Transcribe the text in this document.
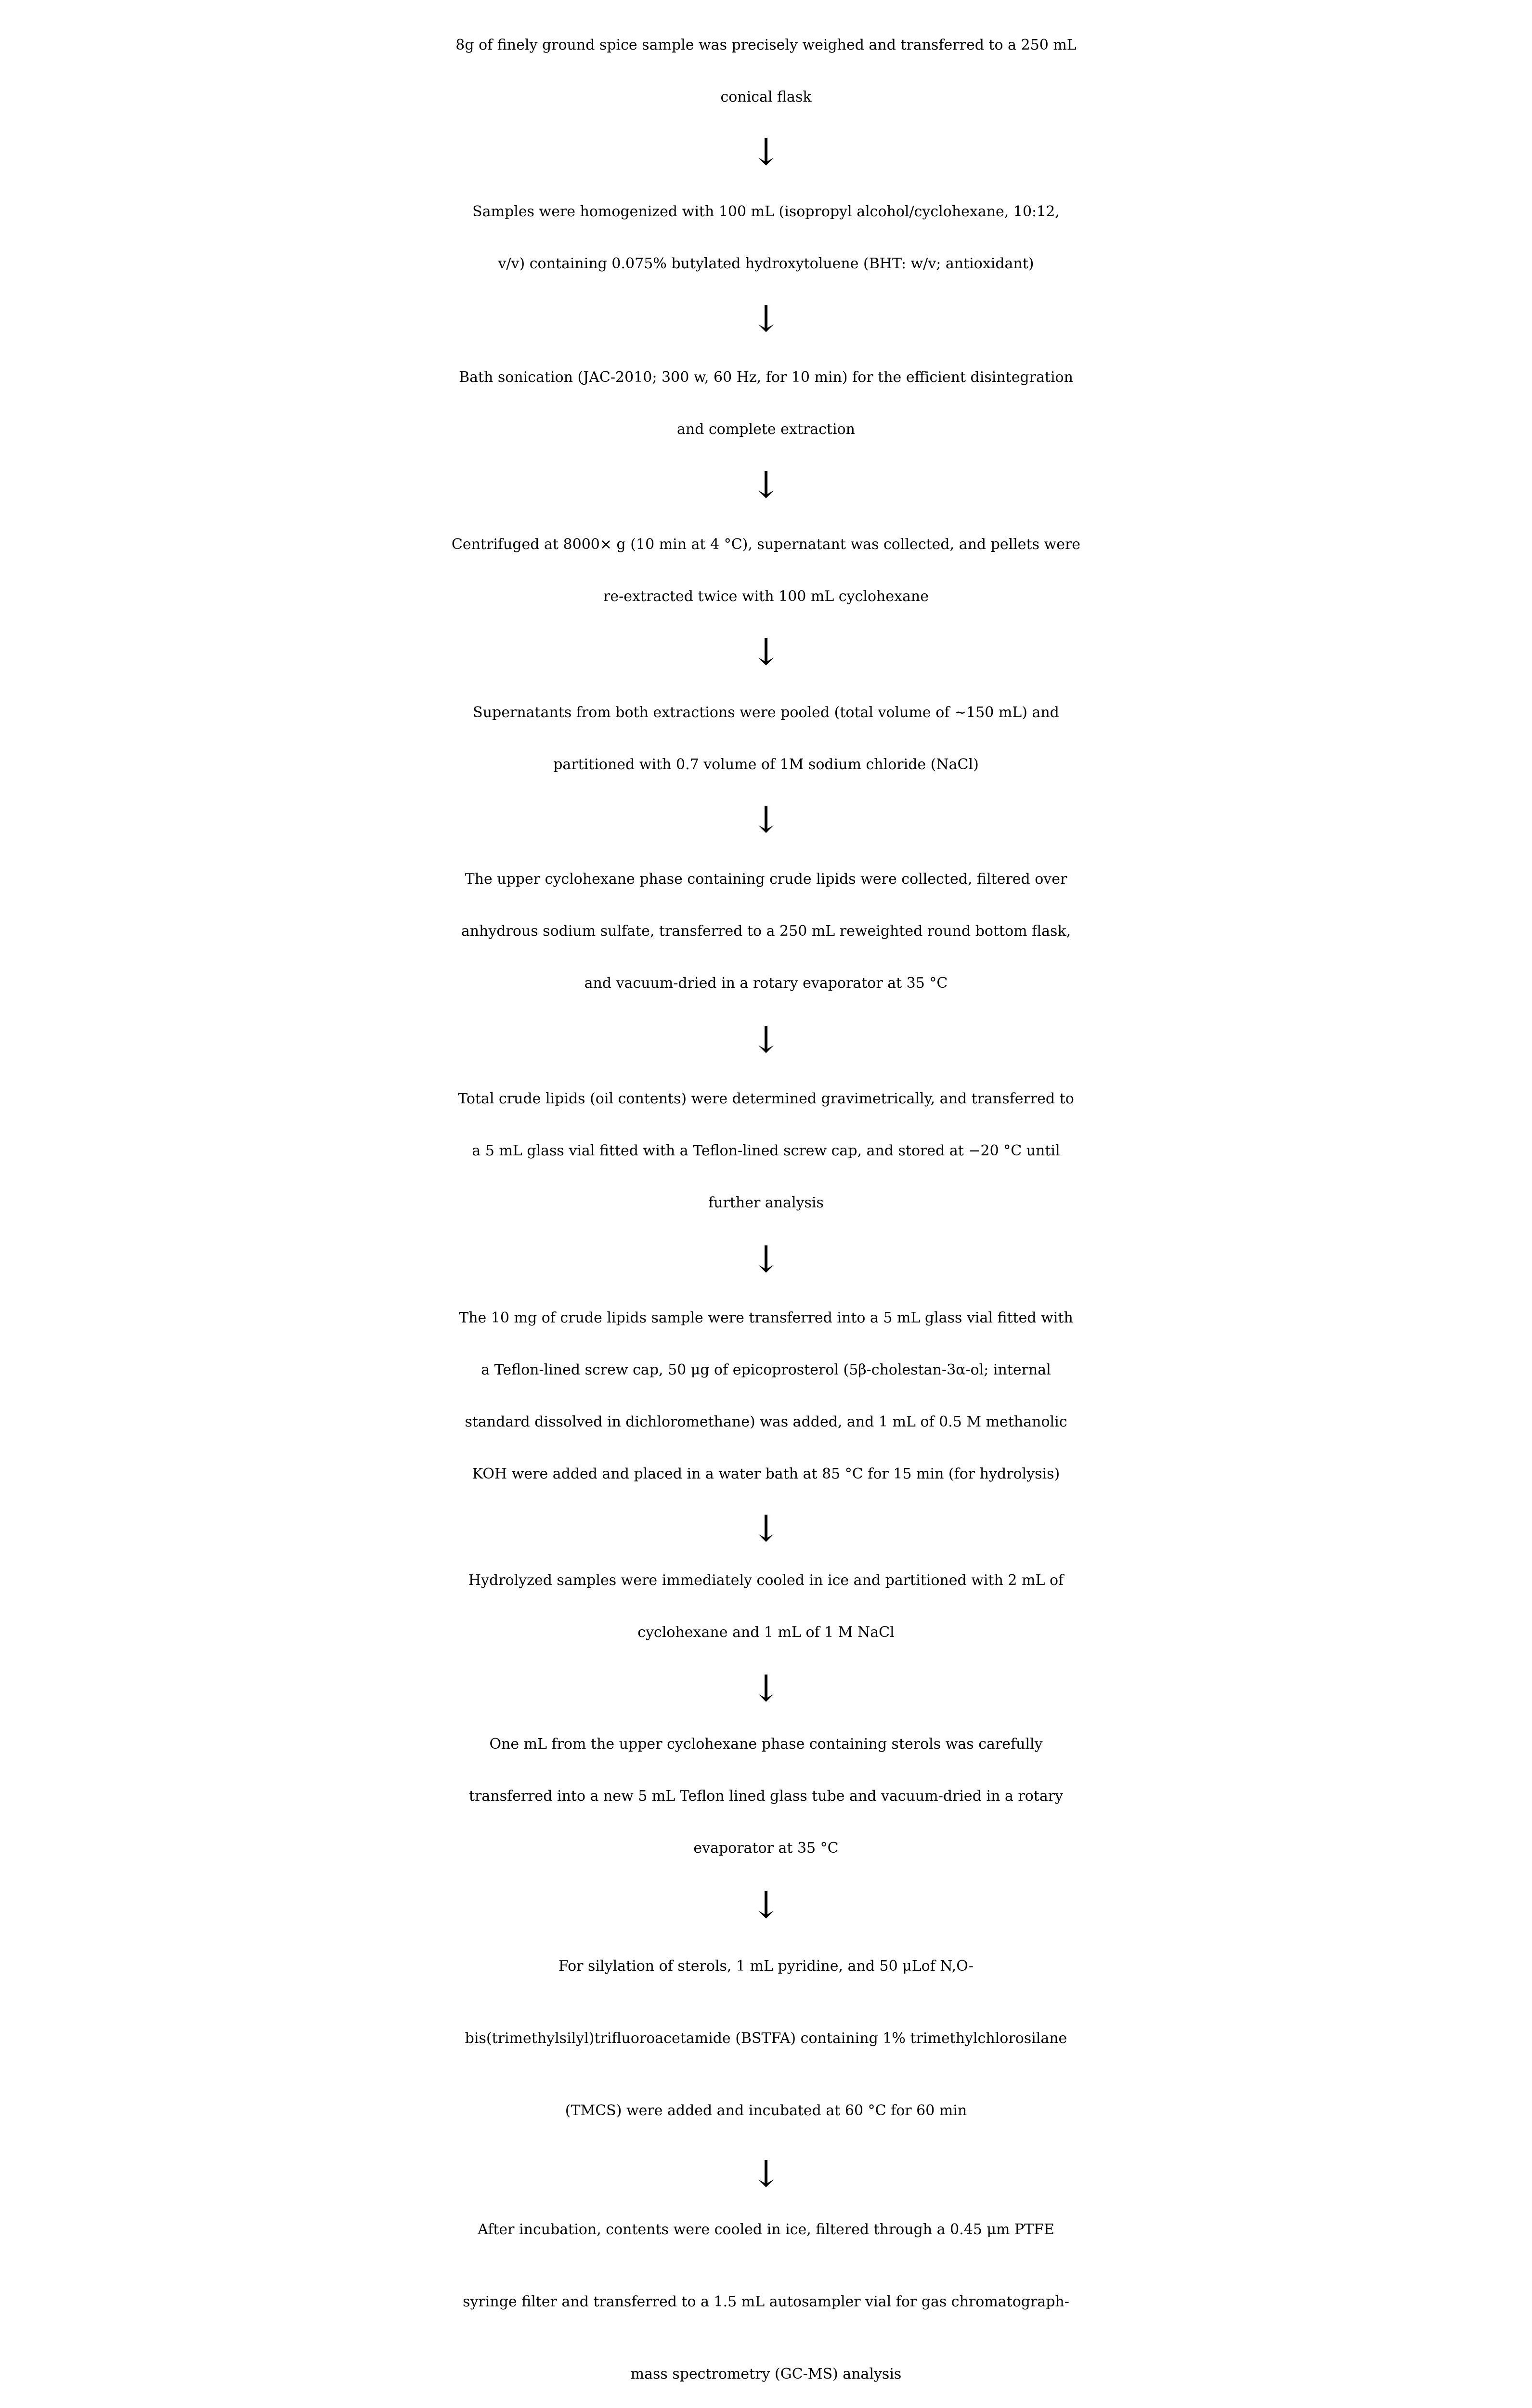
8g of finely ground spice sample was precisely weighed and transferred to a 250 mL
conical flask
↓
Samples were homogenized with 100 mL (isopropyl alcohol/cyclohexane, 10:12,
v/v) containing 0.075% butylated hydroxytoluene (BHT: w/v; antioxidant)
↓
Bath sonication (JAC-2010; 300 w, 60 Hz, for 10 min) for the efficient disintegration
and complete extraction
↓
Centrifuged at 8000× g (10 min at 4 °C), supernatant was collected, and pellets were
re-extracted twice with 100 mL cyclohexane
↓
Supernatants from both extractions were pooled (total volume of ~150 mL) and
partitioned with 0.7 volume of 1M sodium chloride (NaCl)
↓
The upper cyclohexane phase containing crude lipids were collected, filtered over
anhydrous sodium sulfate, transferred to a 250 mL reweighted round bottom flask,
and vacuum-dried in a rotary evaporator at 35 °C
↓
Total crude lipids (oil contents) were determined gravimetrically, and transferred to
a 5 mL glass vial fitted with a Teflon-lined screw cap, and stored at −20 °C until
further analysis
↓
The 10 mg of crude lipids sample were transferred into a 5 mL glass vial fitted with
a Teflon-lined screw cap, 50 μg of epicoprosterol (5β-cholestan-3α-ol; internal
standard dissolved in dichloromethane) was added, and 1 mL of 0.5 M methanolic
KOH were added and placed in a water bath at 85 °C for 15 min (for hydrolysis)
↓
Hydrolyzed samples were immediately cooled in ice and partitioned with 2 mL of
cyclohexane and 1 mL of 1 M NaCl
↓
One mL from the upper cyclohexane phase containing sterols was carefully
transferred into a new 5 mL Teflon lined glass tube and vacuum-dried in a rotary
evaporator at 35 °C
↓
For silylation of sterols, 1 mL pyridine, and 50 μLof N,O-
bis(trimethylsilyl)trifluoroacetamide (BSTFA) containing 1% trimethylchlorosilane
(TMCS) were added and incubated at 60 °C for 60 min
↓
After incubation, contents were cooled in ice, filtered through a 0.45 μm PTFE
syringe filter and transferred to a 1.5 mL autosampler vial for gas chromatograph-
mass spectrometry (GC-MS) analysis
